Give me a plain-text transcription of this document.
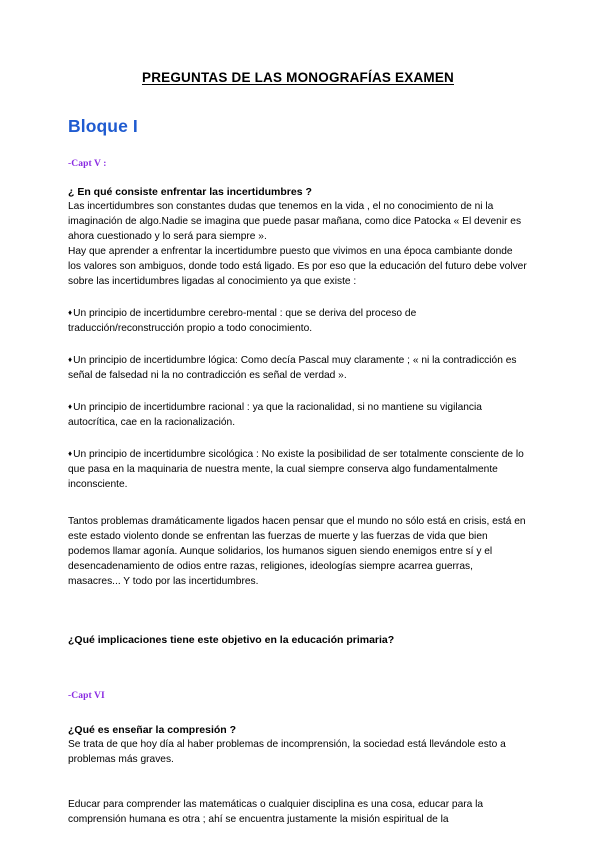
PREGUNTAS DE LAS MONOGRAFÍAS EXAMEN
Bloque I
-Capt V :
¿ En qué consiste enfrentar las incertidumbres ?
Las incertidumbres son constantes dudas que tenemos en la vida , el no conocimiento de ni la imaginación de algo.Nadie se imagina que puede pasar mañana, como dice Patocka « El devenir es ahora cuestionado y lo será para siempre ».
Hay que aprender a enfrentar la incertidumbre puesto que vivimos en una época cambiante donde los valores son ambiguos, donde todo está ligado. Es por eso que la educación del futuro debe volver sobre las incertidumbres ligadas al conocimiento ya que existe :
♦Un principio de incertidumbre cerebro-mental : que se deriva del proceso de traducción/reconstrucción propio a todo conocimiento.
♦Un principio de incertidumbre lógica: Como decía Pascal muy claramente ; « ni la contradicción es señal de falsedad ni la no contradicción es señal de verdad ».
♦Un principio de incertidumbre racional : ya que la racionalidad, si no mantiene su vigilancia autocrítica, cae en la racionalización.
♦Un principio de incertidumbre sicológica : No existe la posibilidad de ser totalmente consciente de lo que pasa en la maquinaria de nuestra mente, la cual siempre conserva algo fundamentalmente inconsciente.
Tantos problemas dramáticamente ligados hacen pensar que el mundo no sólo está en crisis, está en este estado violento donde se enfrentan las fuerzas de muerte y las fuerzas de vida que bien podemos llamar agonía. Aunque solidarios, los humanos siguen siendo enemigos entre sí y el desencadenamiento de odios entre razas, religiones, ideologías siempre acarrea guerras, masacres... Y todo por las incertidumbres.
¿Qué implicaciones tiene este objetivo en la educación primaria?
-Capt VI
¿Qué es enseñar la compresión ?
Se trata de que hoy día al haber problemas de incomprensión, la sociedad está llevándole esto a problemas más graves.
Educar para comprender las matemáticas o cualquier disciplina es una cosa, educar para la comprensión humana es otra ; ahí se encuentra justamente la misión espiritual de la
